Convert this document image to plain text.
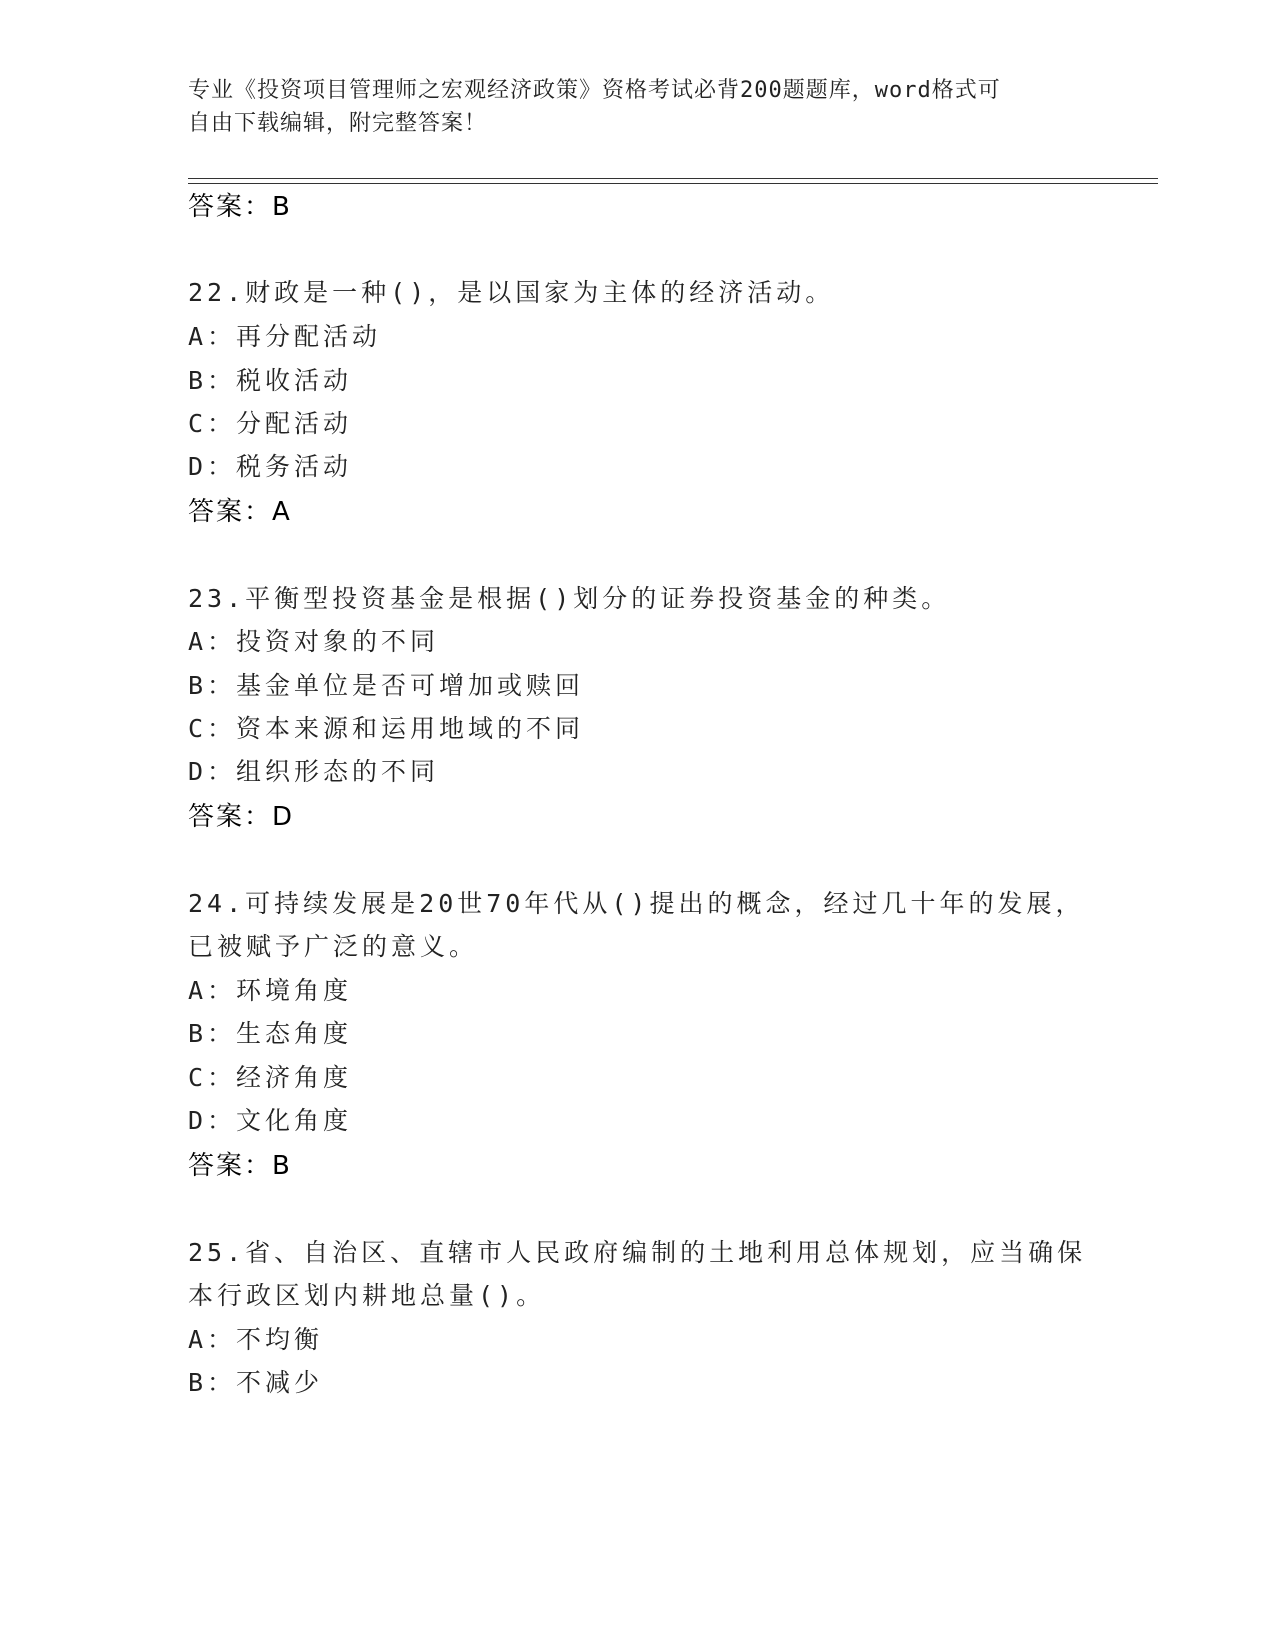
专业《投资项目管理师之宏观经济政策》资格考试必背200题题库，word格式可
自由下载编辑，附完整答案！
答案：B
22.财政是一种()，是以国家为主体的经济活动。
A：再分配活动
B：税收活动
C：分配活动
D：税务活动
答案：A
23.平衡型投资基金是根据()划分的证券投资基金的种类。
A：投资对象的不同
B：基金单位是否可增加或赎回
C：资本来源和运用地域的不同
D：组织形态的不同
答案：D
24.可持续发展是20世70年代从()提出的概念，经过几十年的发展，
已被赋予广泛的意义。
A：环境角度
B：生态角度
C：经济角度
D：文化角度
答案：B
25.省、自治区、直辖市人民政府编制的土地利用总体规划，应当确保
本行政区划内耕地总量()。
A：不均衡
B：不减少
